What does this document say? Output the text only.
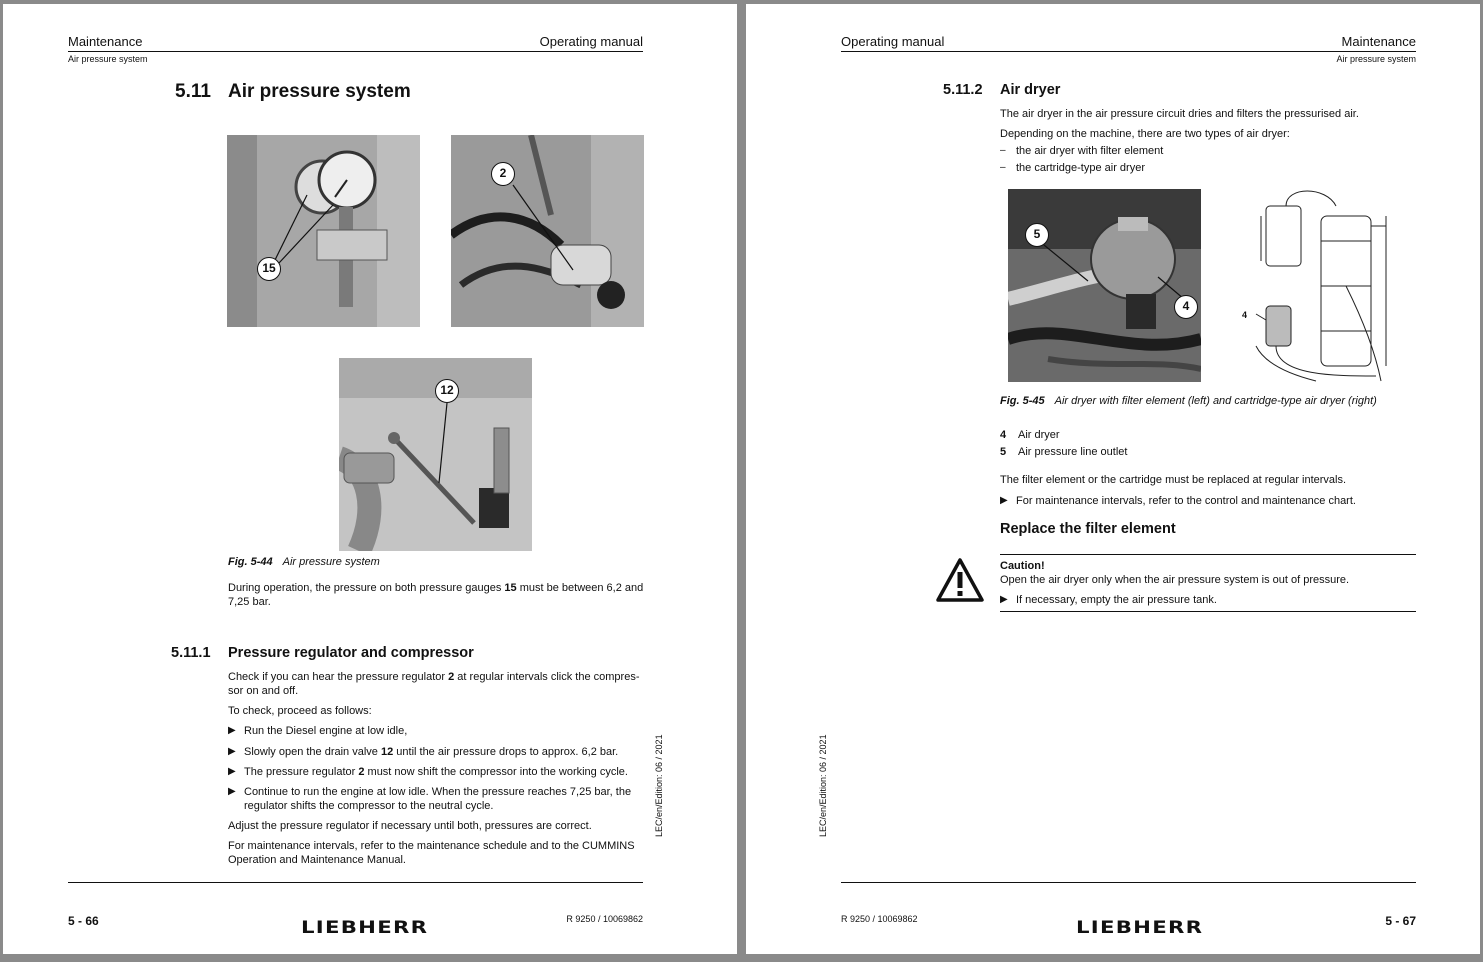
Maintenance	Operating manual
Air pressure system
5.11 Air pressure system
15
2
12
Fig. 5-44 Air pressure system
During operation, the pressure on both pressure gauges 15 must be between 6,2 and 7,25 bar.
5.11.1 Pressure regulator and compressor
Check if you can hear the pressure regulator 2 at regular intervals click the compres-sor on and off.
To check, proceed as follows:
▶ Run the Diesel engine at low idle,
▶ Slowly open the drain valve 12 until the air pressure drops to approx. 6,2 bar.
▶ The pressure regulator 2 must now shift the compressor into the working cycle.
▶ Continue to run the engine at low idle. When the pressure reaches 7,25 bar, the regulator shifts the compressor to the neutral cycle.
Adjust the pressure regulator if necessary until both, pressures are correct.
For maintenance intervals, refer to the maintenance schedule and to the CUMMINS Operation and Maintenance Manual.
LEC/en/Edition: 06 / 2021
5 - 66	R 9250 / 10069862
LIEBHERR
Operating manual	Maintenance
Air pressure system
5.11.2 Air dryer
The air dryer in the air pressure circuit dries and filters the pressurised air.
Depending on the machine, there are two types of air dryer:
– the air dryer with filter element
– the cartridge-type air dryer
5
4
4
Fig. 5-45 Air dryer with filter element (left) and cartridge-type air dryer (right)
4 Air dryer
5 Air pressure line outlet
The filter element or the cartridge must be replaced at regular intervals.
▶ For maintenance intervals, refer to the control and maintenance chart.
Replace the filter element
Caution!
Open the air dryer only when the air pressure system is out of pressure.
▶ If necessary, empty the air pressure tank.
LEC/en/Edition: 06 / 2021
R 9250 / 10069862	5 - 67
LIEBHERR
